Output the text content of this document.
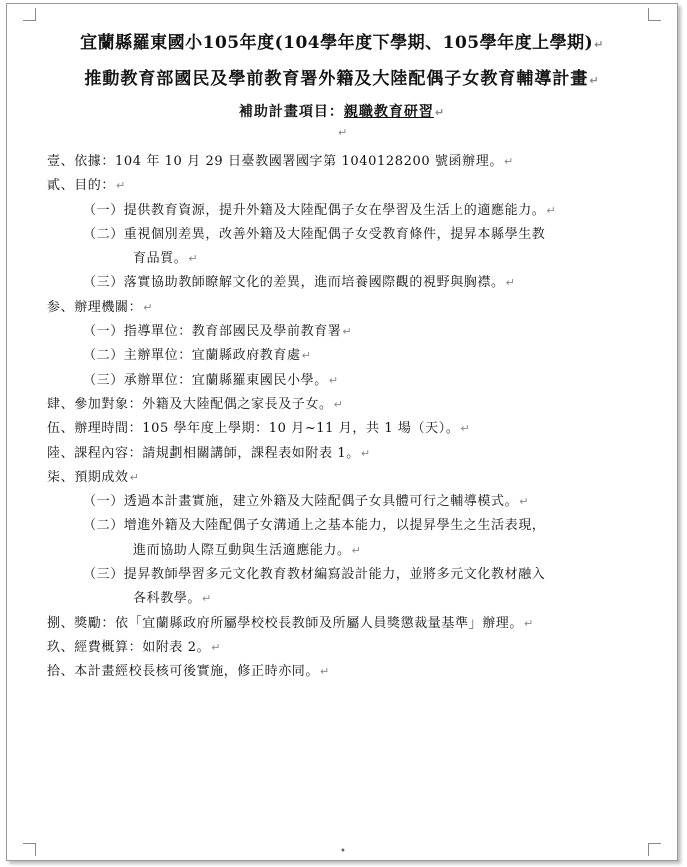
•
宜蘭縣羅東國小105年度(104學年度下學期、105學年度上學期)↵
推動教育部國民及學前教育署外籍及大陸配偶子女教育輔導計畫↵
補助計畫項目：親職教育研習↵
↵
壹、依據：104 年 10 月 29 日臺教國署國字第 1040128200 號函辦理。↵
貳、目的：↵
（一）提供教育資源，提升外籍及大陸配偶子女在學習及生活上的適應能力。↵
（二）重視個別差異，改善外籍及大陸配偶子女受教育條件，提昇本縣學生教
育品質。↵
（三）落實協助教師瞭解文化的差異，進而培養國際觀的視野與胸襟。↵
参、辦理機關：↵
（一）指導單位：教育部國民及學前教育署↵
（二）主辦單位：宜蘭縣政府教育處↵
（三）承辦單位：宜蘭縣羅東國民小學。↵
肆、參加對象：外籍及大陸配偶之家長及子女。↵
伍、辦理時間：105 學年度上學期：10 月~11 月，共 1 場（天）。↵
陸、課程內容：請規劃相關講師，課程表如附表 1。↵
柒、預期成效↵
（一）透過本計畫實施，建立外籍及大陸配偶子女具體可行之輔導模式。↵
（二）增進外籍及大陸配偶子女溝通上之基本能力，以提昇學生之生活表現，
進而協助人際互動與生活適應能力。↵
（三）提昇教師學習多元文化教育教材編寫設計能力，並將多元文化教材融入
各科教學。↵
捌、獎勵：依「宜蘭縣政府所屬學校校長教師及所屬人員獎懲裁量基準」辦理。↵
玖、經費概算：如附表 2。↵
拾、本計畫經校長核可後實施，修正時亦同。↵
